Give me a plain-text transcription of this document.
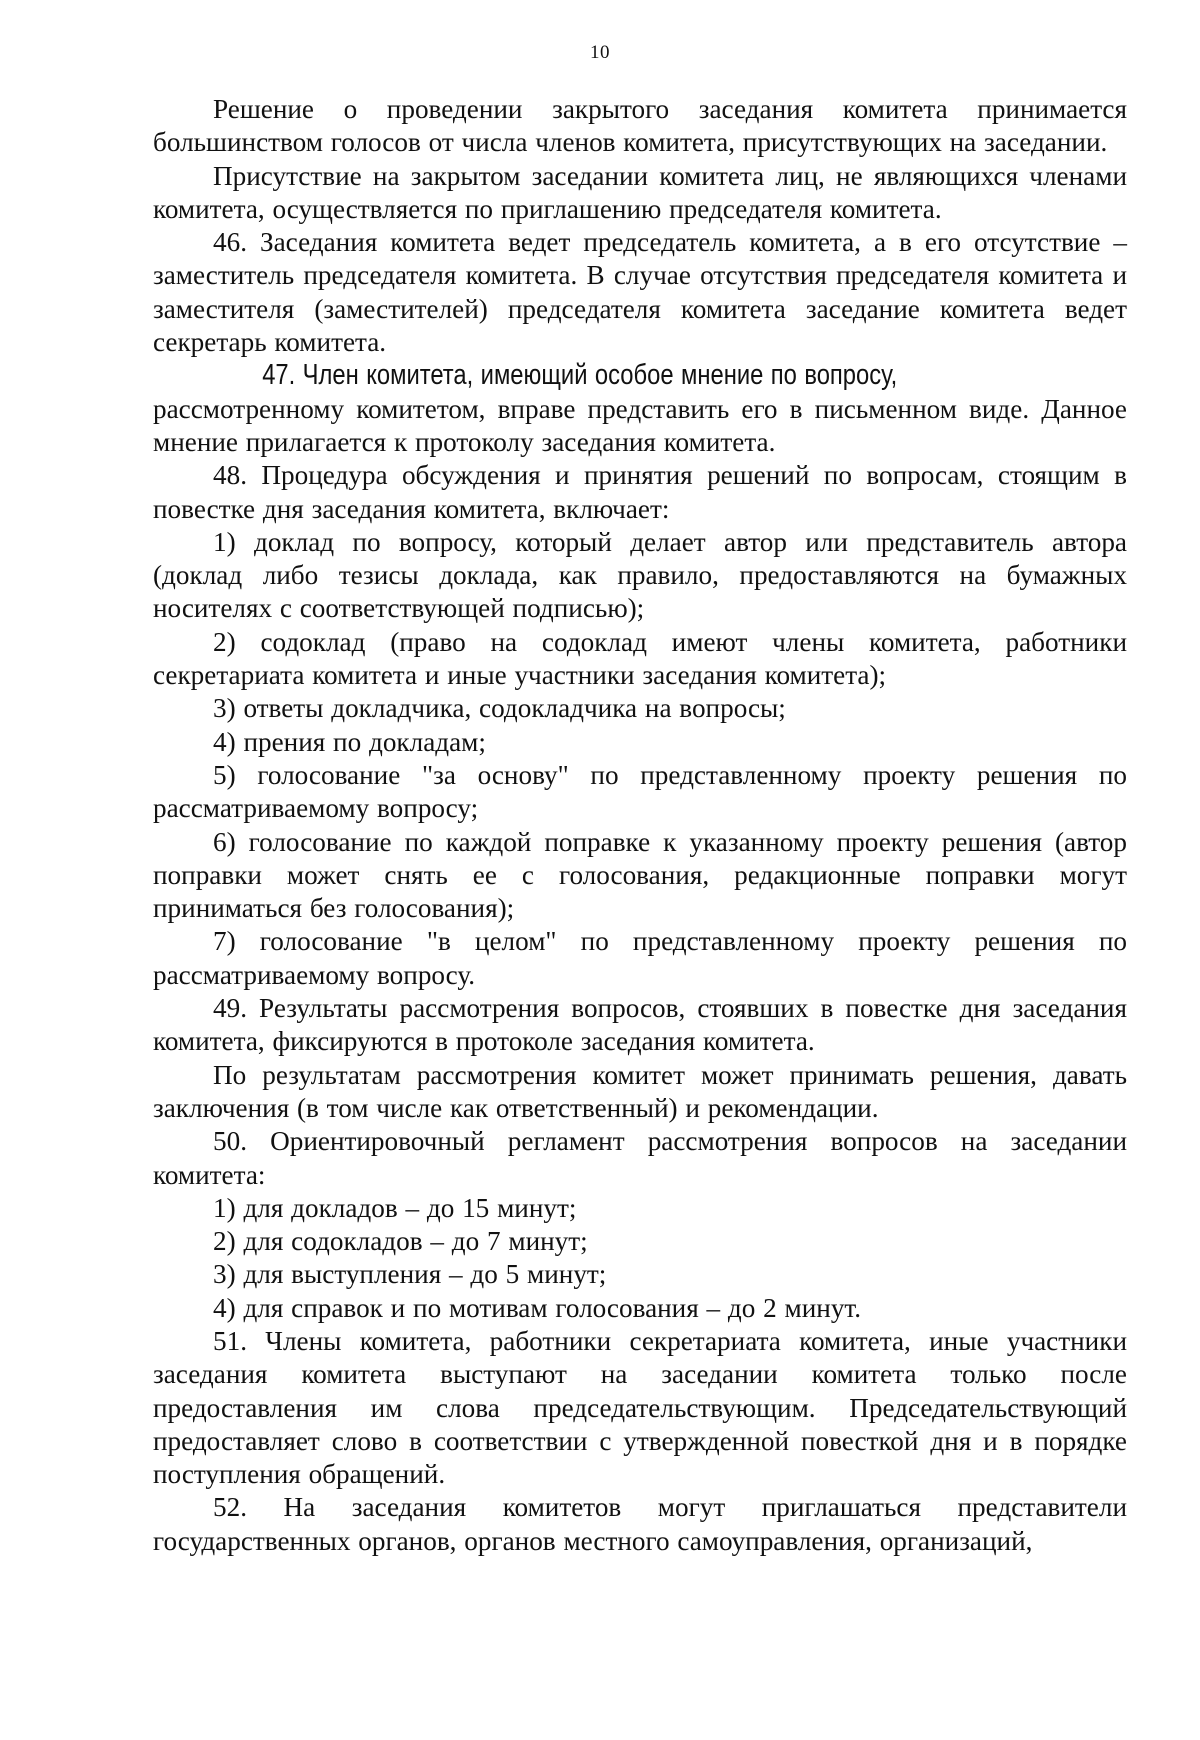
10

Решение о проведении закрытого заседания комитета принимается большинством голосов от числа членов комитета, присутствующих на заседании.

Присутствие на закрытом заседании комитета лиц, не являющихся членами комитета, осуществляется по приглашению председателя комитета.

46. Заседания комитета ведет председатель комитета, а в его отсутствие – заместитель председателя комитета. В случае отсутствия председателя комитета и заместителя (заместителей) председателя комитета заседание комитета ведет секретарь комитета.

47. Член комитета, имеющий особое мнение по вопросу, рассмотренному комитетом, вправе представить его в письменном виде. Данное мнение прилагается к протоколу заседания комитета.

48. Процедура обсуждения и принятия решений по вопросам, стоящим в повестке дня заседания комитета, включает:

1) доклад по вопросу, который делает автор или представитель автора (доклад либо тезисы доклада, как правило, предоставляются на бумажных носителях с соответствующей подписью);

2) содоклад (право на содоклад имеют члены комитета, работники секретариата комитета и иные участники заседания комитета);

3) ответы докладчика, содокладчика на вопросы;

4) прения по докладам;

5) голосование "за основу" по представленному проекту решения по рассматриваемому вопросу;

6) голосование по каждой поправке к указанному проекту решения (автор поправки может снять ее с голосования, редакционные поправки могут приниматься без голосования);

7) голосование "в целом" по представленному проекту решения по рассматриваемому вопросу.

49. Результаты рассмотрения вопросов, стоявших в повестке дня заседания комитета, фиксируются в протоколе заседания комитета.

По результатам рассмотрения комитет может принимать решения, давать заключения (в том числе как ответственный) и рекомендации.

50. Ориентировочный регламент рассмотрения вопросов на заседании комитета:

1) для докладов – до 15 минут;

2) для содокладов – до 7 минут;

3) для выступления – до 5 минут;

4) для справок и по мотивам голосования – до 2 минут.

51. Члены комитета, работники секретариата комитета, иные участники заседания комитета выступают на заседании комитета только после предоставления им слова председательствующим. Председательствующий предоставляет слово в соответствии с утвержденной повесткой дня и в порядке поступления обращений.

52. На заседания комитетов могут приглашаться представители государственных органов, органов местного самоуправления, организаций,
